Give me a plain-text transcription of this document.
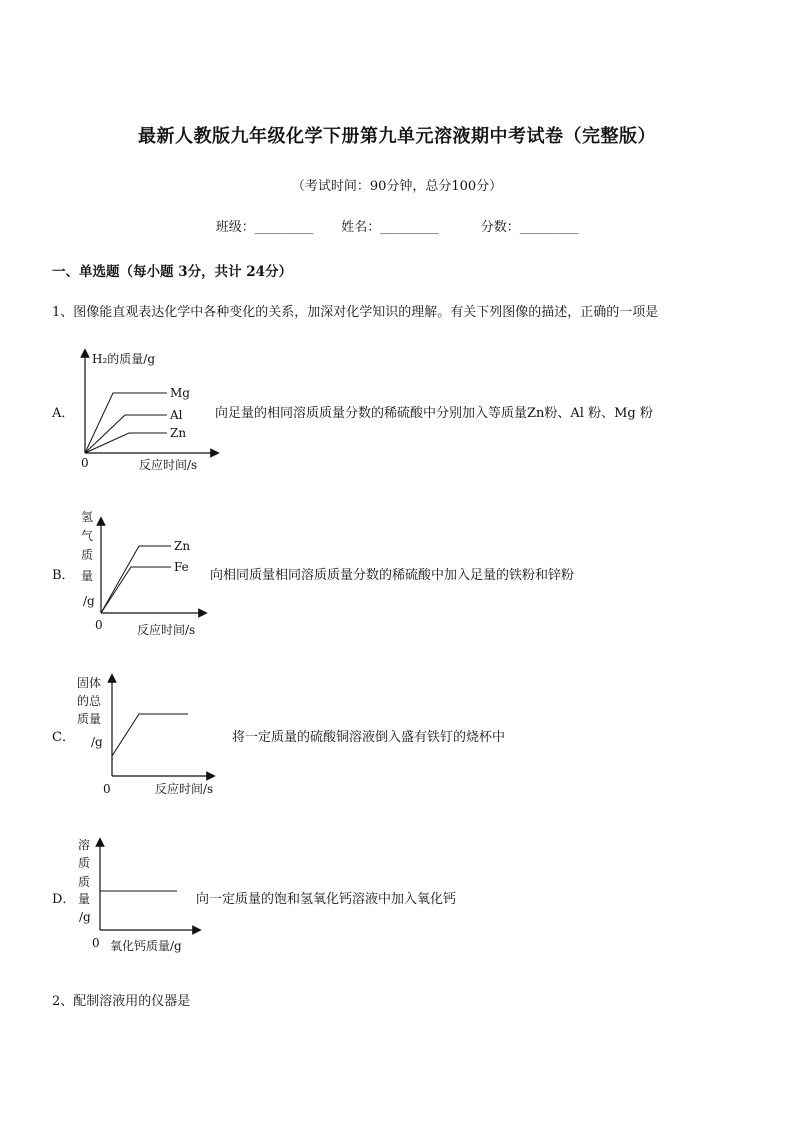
最新人教版九年级化学下册第九单元溶液期中考试卷（完整版）
（考试时间：90分钟，总分100分）
班级：_________ 姓名：_________	分数：_________
一、单选题（每小题 3分，共计 24分）
1、图像能直观表达化学中各种变化的关系，加深对化学知识的理解。有关下列图像的描述，正确的一项是
A．
H₂的质量/g
Mg
Al
Zn
0	反应时间/s
向足量的相同溶质质量分数的稀硫酸中分别加入等质量Zn粉、Al 粉、Mg 粉
B．
氢
气
质
量
/g
Zn
Fe
0	反应时间/s
向相同质量相同溶质质量分数的稀硫酸中加入足量的铁粉和锌粉
C．
固体
的总
质量
/g
0	反应时间/s
将一定质量的硫酸铜溶液倒入盛有铁钉的烧杯中
D．
溶
质
质
量
/g
0 氧化钙质量/g
向一定质量的饱和氢氧化钙溶液中加入氧化钙
2、配制溶液用的仪器是
